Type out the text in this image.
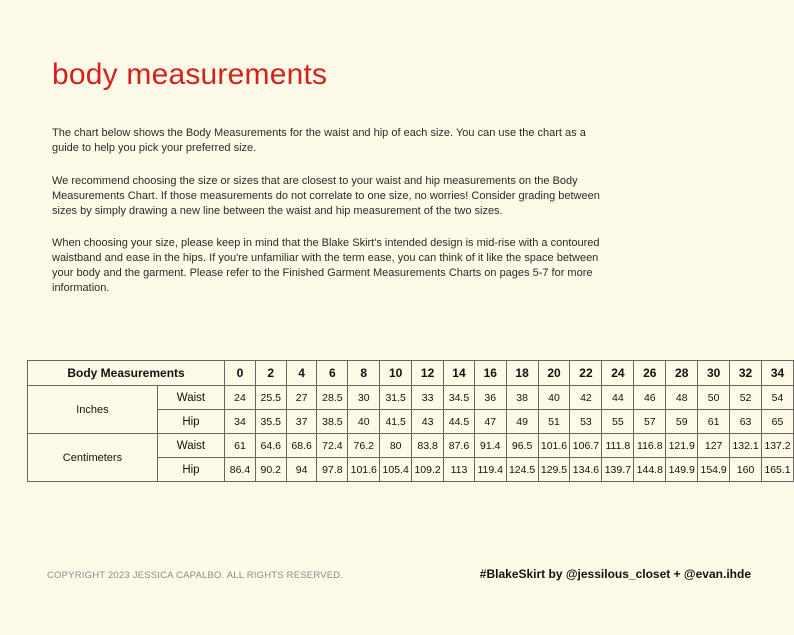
body measurements

The chart below shows the Body Measurements for the waist and hip of each size. You can use the chart as a guide to help you pick your preferred size.

We recommend choosing the size or sizes that are closest to your waist and hip measurements on the Body Measurements Chart. If those measurements do not correlate to one size, no worries! Consider grading between sizes by simply drawing a new line between the waist and hip measurement of the two sizes.

When choosing your size, please keep in mind that the Blake Skirt's intended design is mid-rise with a contoured waistband and ease in the hips. If you're unfamiliar with the term ease, you can think of it like the space between your body and the garment. Please refer to the Finished Garment Measurements Charts on pages 5-7 for more information.

Body Measurements		0	2	4	6	8	10	12	14	16	18	20	22	24	26	28	30	32	34
Inches	Waist	24	25.5	27	28.5	30	31.5	33	34.5	36	38	40	42	44	46	48	50	52	54
	Hip	34	35.5	37	38.5	40	41.5	43	44.5	47	49	51	53	55	57	59	61	63	65
Centimeters	Waist	61	64.6	68.6	72.4	76.2	80	83.8	87.6	91.4	96.5	101.6	106.7	111.8	116.8	121.9	127	132.1	137.2
	Hip	86.4	90.2	94	97.8	101.6	105.4	109.2	113	119.4	124.5	129.5	134.6	139.7	144.8	149.9	154.9	160	165.1
COPYRIGHT 2023 JESSICA CAPALBO. ALL RIGHTS RESERVED.	#BlakeSkirt by @jessilous_closet + @evan.ihde
